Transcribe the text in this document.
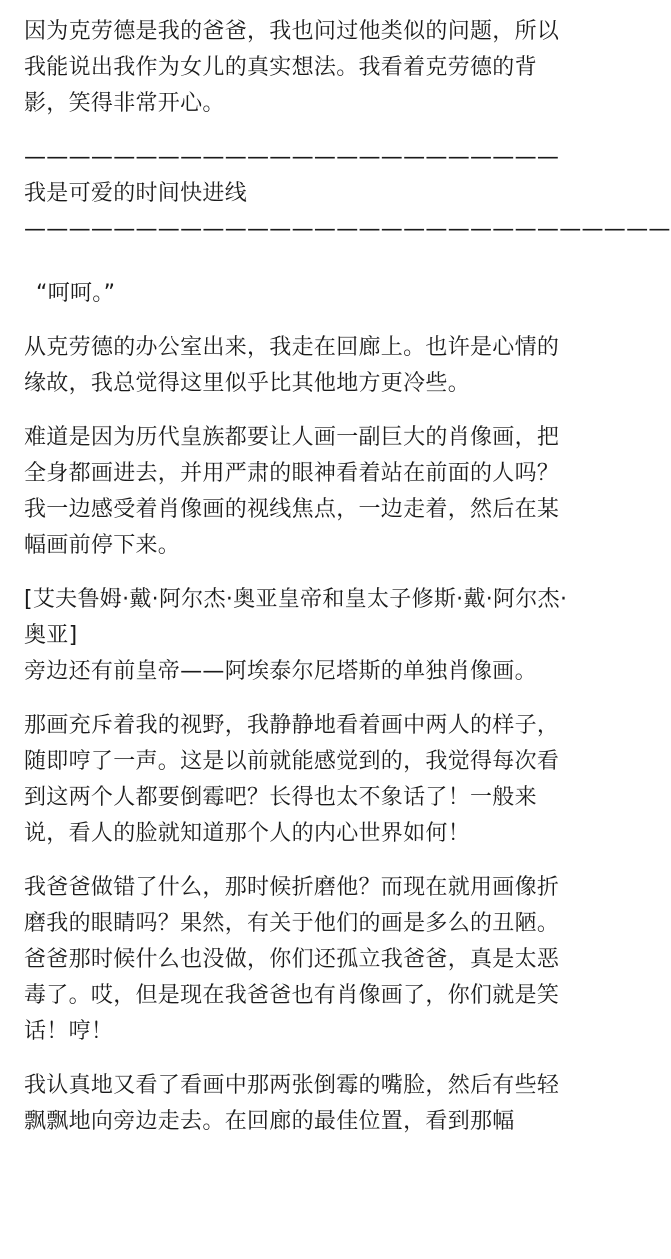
因为克劳德是我的爸爸，我也问过他类似的问题，所以我能说出我作为女儿的真实想法。我看着克劳德的背影，笑得非常开心。

————————————————————————我是可爱的时间快进线—————————————————————————————

“呵呵。”

从克劳德的办公室出来，我走在回廊上。也许是心情的缘故，我总觉得这里似乎比其他地方更冷些。

难道是因为历代皇族都要让人画一副巨大的肖像画，把全身都画进去，并用严肃的眼神看着站在前面的人吗？我一边感受着肖像画的视线焦点，一边走着，然后在某幅画前停下来。

[艾夫鲁姆·戴·阿尔杰·奥亚皇帝和皇太子修斯·戴·阿尔杰·奥亚]

旁边还有前皇帝——阿埃泰尔尼塔斯的单独肖像画。

那画充斥着我的视野，我静静地看着画中两人的样子，随即哼了一声。这是以前就能感觉到的，我觉得每次看到这两个人都要倒霉吧？长得也太不象话了！一般来说，看人的脸就知道那个人的内心世界如何！

我爸爸做错了什么，那时候折磨他？而现在就用画像折磨我的眼睛吗？果然，有关于他们的画是多么的丑陋。爸爸那时候什么也没做，你们还孤立我爸爸，真是太恶毒了。哎，但是现在我爸爸也有肖像画了，你们就是笑话！哼！

我认真地又看了看画中那两张倒霉的嘴脸，然后有些轻飘飘地向旁边走去。在回廊的最佳位置，看到那幅
